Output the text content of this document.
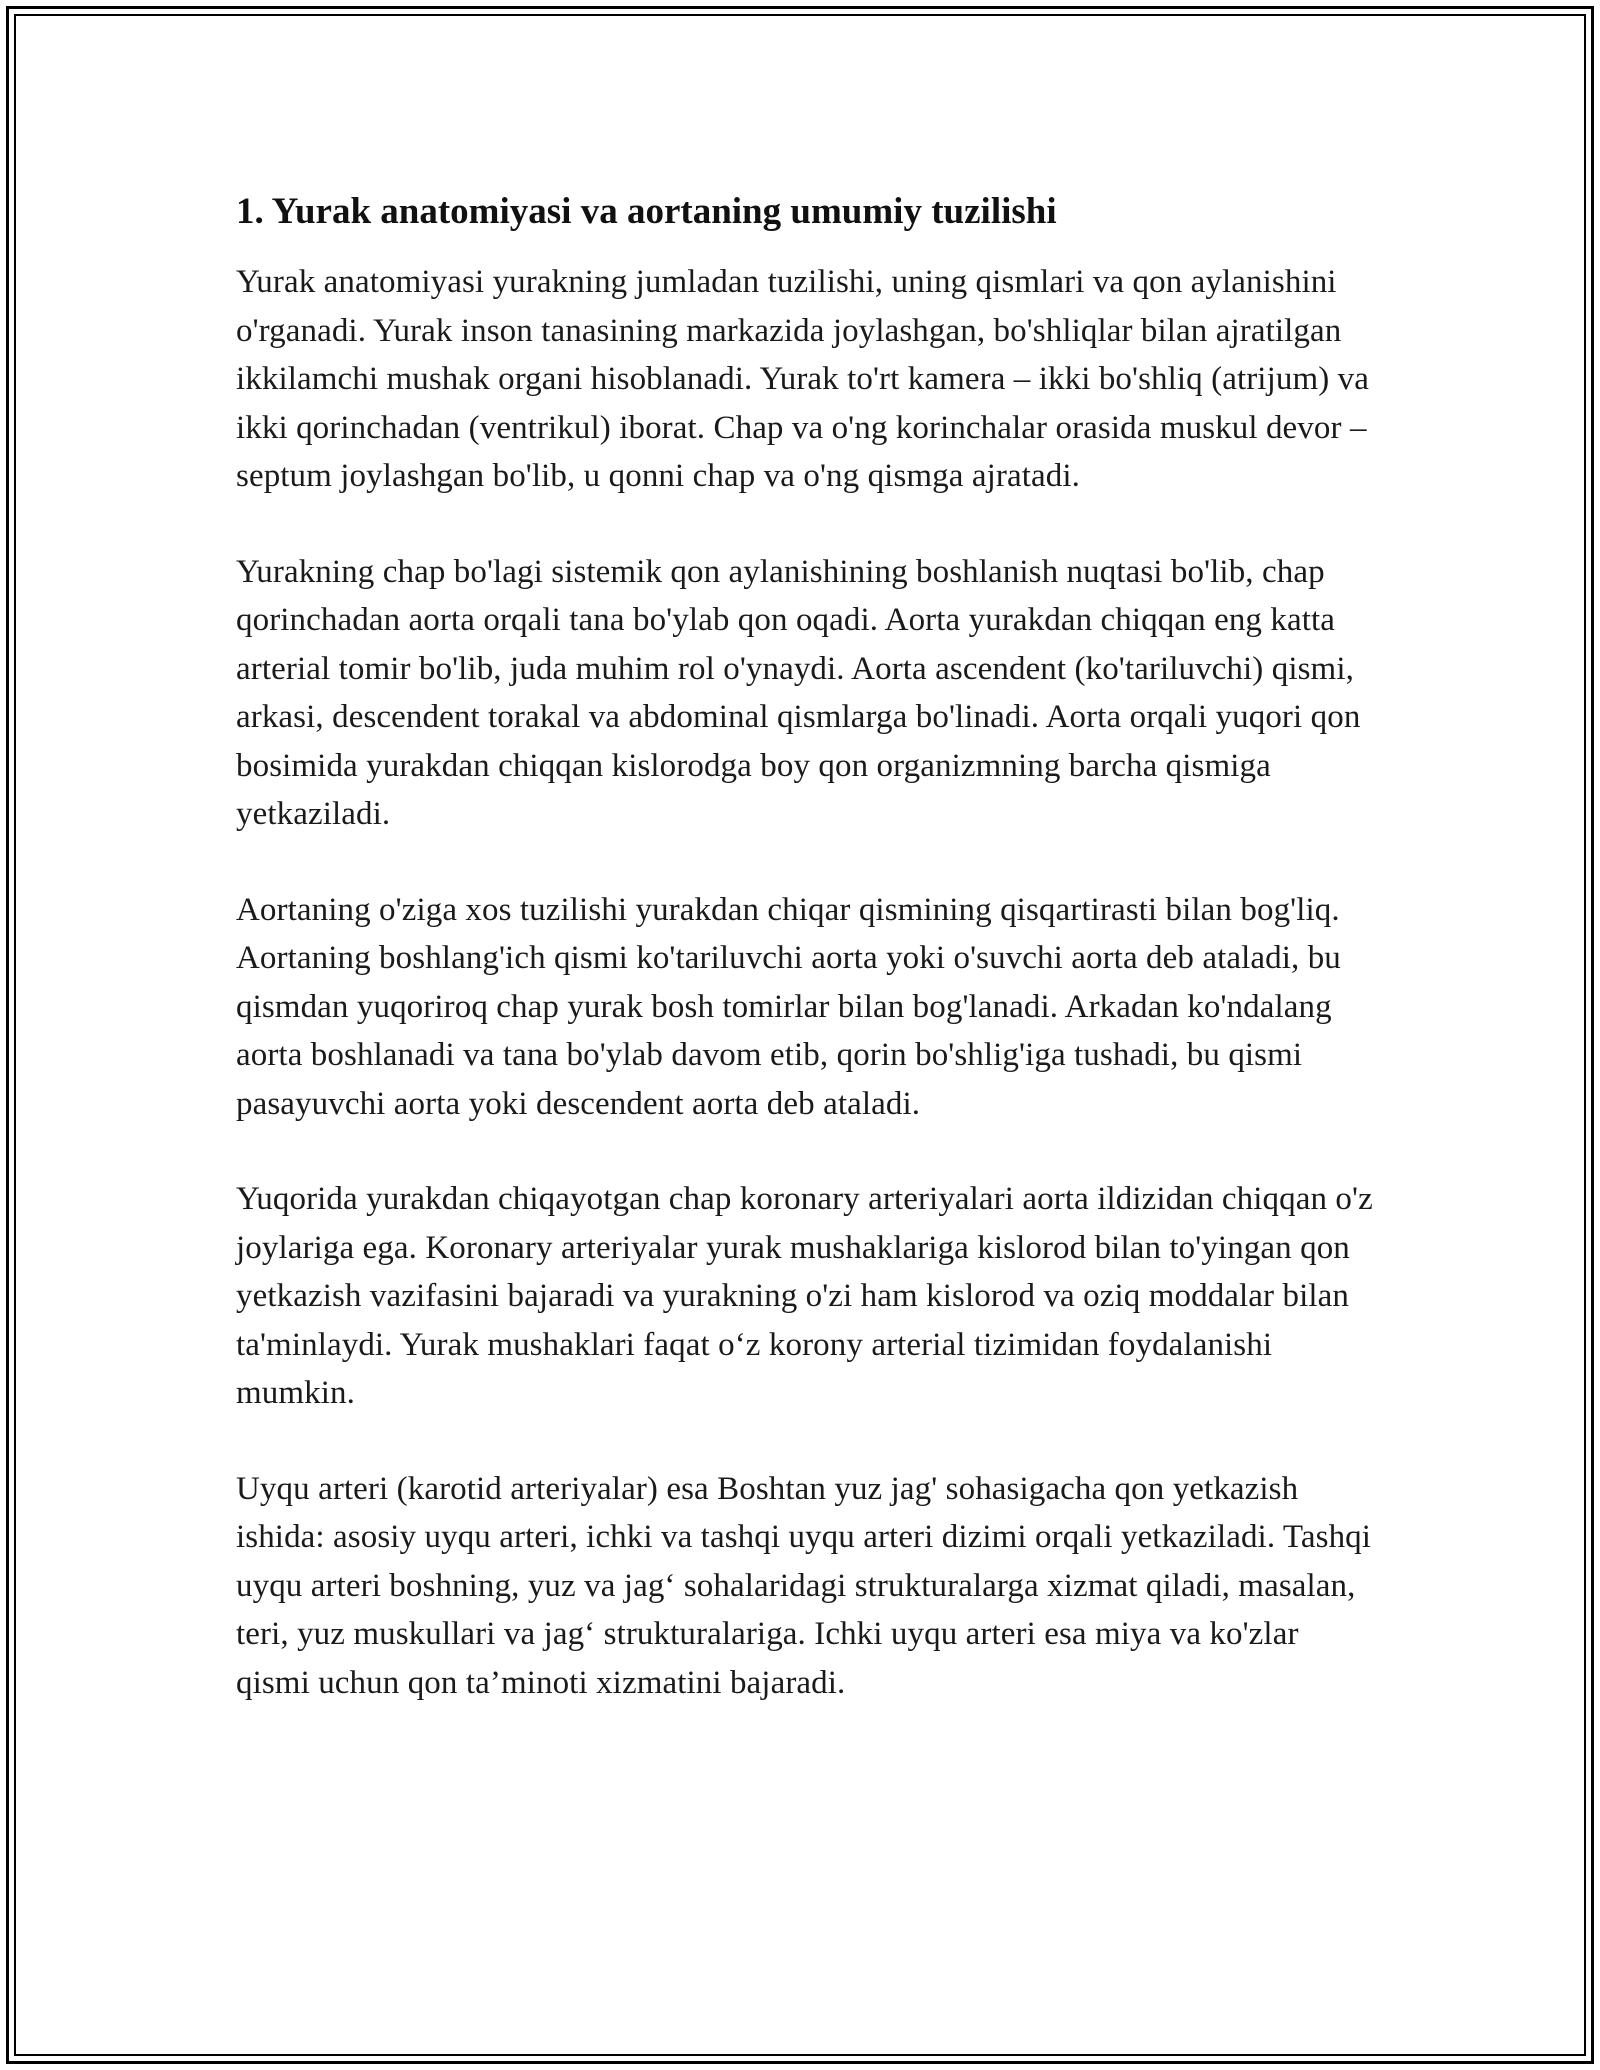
1. Yurak anatomiyasi va aortaning umumiy tuzilishi

Yurak anatomiyasi yurakning jumladan tuzilishi, uning qismlari va qon aylanishini o'rganadi. Yurak inson tanasining markazida joylashgan, bo'shliqlar bilan ajratilgan ikkilamchi mushak organi hisoblanadi. Yurak to'rt kamera – ikki bo'shliq (atrijum) va ikki qorinchadan (ventrikul) iborat. Chap va o'ng korinchalar orasida muskul devor – septum joylashgan bo'lib, u qonni chap va o'ng qismga ajratadi.

Yurakning chap bo'lagi sistemik qon aylanishining boshlanish nuqtasi bo'lib, chap qorinchadan aorta orqali tana bo'ylab qon oqadi. Aorta yurakdan chiqqan eng katta arterial tomir bo'lib, juda muhim rol o'ynaydi. Aorta ascendent (ko'tariluvchi) qismi, arkasi, descendent torakal va abdominal qismlarga bo'linadi. Aorta orqali yuqori qon bosimida yurakdan chiqqan kislorodga boy qon organizmning barcha qismiga yetkaziladi.

Aortaning o'ziga xos tuzilishi yurakdan chiqar qismining qisqartirasti bilan bog'liq. Aortaning boshlang'ich qismi ko'tariluvchi aorta yoki o'suvchi aorta deb ataladi, bu qismdan yuqoriroq chap yurak bosh tomirlar bilan bog'lanadi. Arkadan ko'ndalang aorta boshlanadi va tana bo'ylab davom etib, qorin bo'shlig'iga tushadi, bu qismi pasayuvchi aorta yoki descendent aorta deb ataladi.

Yuqorida yurakdan chiqayotgan chap koronary arteriyalari aorta ildizidan chiqqan o'z joylariga ega. Koronary arteriyalar yurak mushaklariga kislorod bilan to'yingan qon yetkazish vazifasini bajaradi va yurakning o'zi ham kislorod va oziq moddalar bilan ta'minlaydi. Yurak mushaklari faqat o‘z korony arterial tizimidan foydalanishi mumkin.

Uyqu arteri (karotid arteriyalar) esa Boshtan yuz jag' sohasigacha qon yetkazish ishida: asosiy uyqu arteri, ichki va tashqi uyqu arteri dizimi orqali yetkaziladi. Tashqi uyqu arteri boshning, yuz va jag‘ sohalaridagi strukturalarga xizmat qiladi, masalan, teri, yuz muskullari va jag‘ strukturalariga. Ichki uyqu arteri esa miya va ko'zlar qismi uchun qon ta’minoti xizmatini bajaradi.
